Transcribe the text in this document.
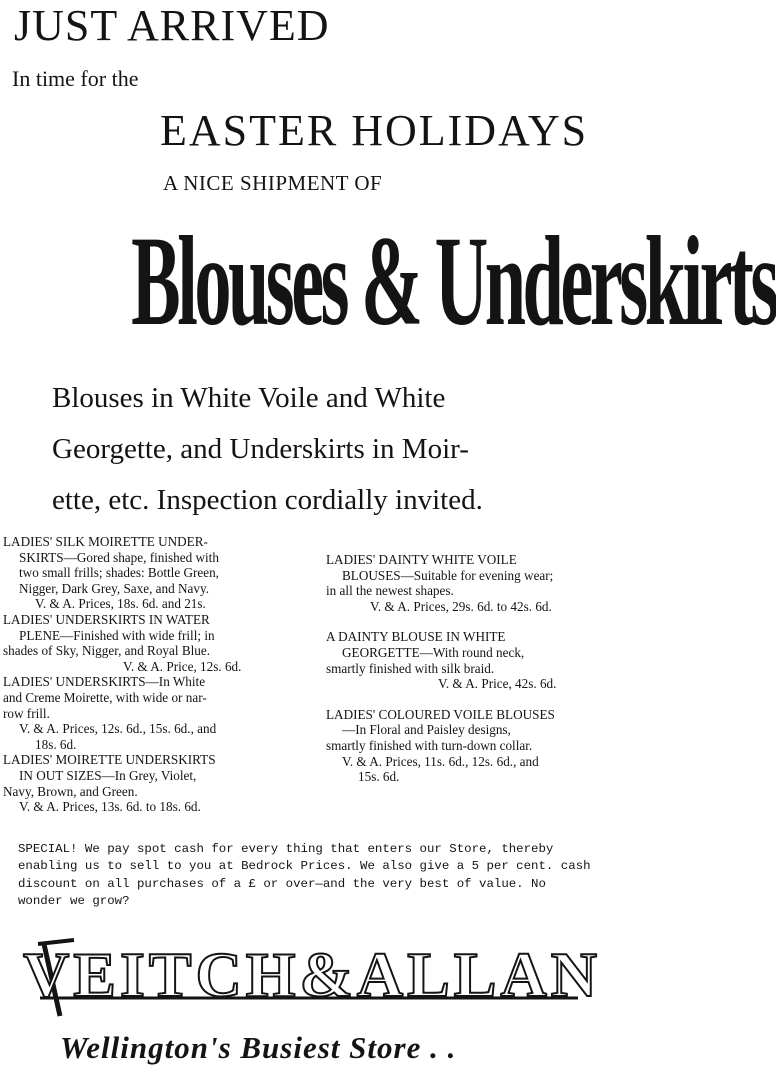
JUST ARRIVED
In time for the
EASTER HOLIDAYS
A NICE SHIPMENT OF
Blouses & Underskirts
Blouses in White Voile and White
Georgette, and Underskirts in Moir-
ette, etc. Inspection cordially invited.
LADIES' SILK MOIRETTE UNDER-
SKIRTS—Gored shape, finished with
two small frills; shades: Bottle Green,
Nigger, Dark Grey, Saxe, and Navy.
V. & A. Prices, 18s. 6d. and 21s.
LADIES' UNDERSKIRTS IN WATER
PLENE—Finished with wide frill; in
shades of Sky, Nigger, and Royal Blue.
V. & A. Price, 12s. 6d.
LADIES' UNDERSKIRTS—In White
and Creme Moirette, with wide or nar-
row frill.
V. & A. Prices, 12s. 6d., 15s. 6d., and
18s. 6d.
LADIES' MOIRETTE UNDERSKIRTS
IN OUT SIZES—In Grey, Violet,
Navy, Brown, and Green.
V. & A. Prices, 13s. 6d. to 18s. 6d.
LADIES' DAINTY WHITE VOILE
BLOUSES—Suitable for evening wear;
in all the newest shapes.
V. & A. Prices, 29s. 6d. to 42s. 6d.
A DAINTY BLOUSE IN WHITE
GEORGETTE—With round neck,
smartly finished with silk braid.
V. & A. Price, 42s. 6d.
LADIES' COLOURED VOILE BLOUSES
—In Floral and Paisley designs,
smartly finished with turn-down collar.
V. & A. Prices, 11s. 6d., 12s. 6d., and
15s. 6d.
SPECIAL! We pay spot cash for every thing that enters our Store, thereby
enabling us to sell to you at Bedrock Prices. We also give a 5 per cent. cash
discount on all purchases of a £ or over—and the very best of value. No
wonder we grow?
VEITCH&ALLAN
Wellington's Busiest Store . .
